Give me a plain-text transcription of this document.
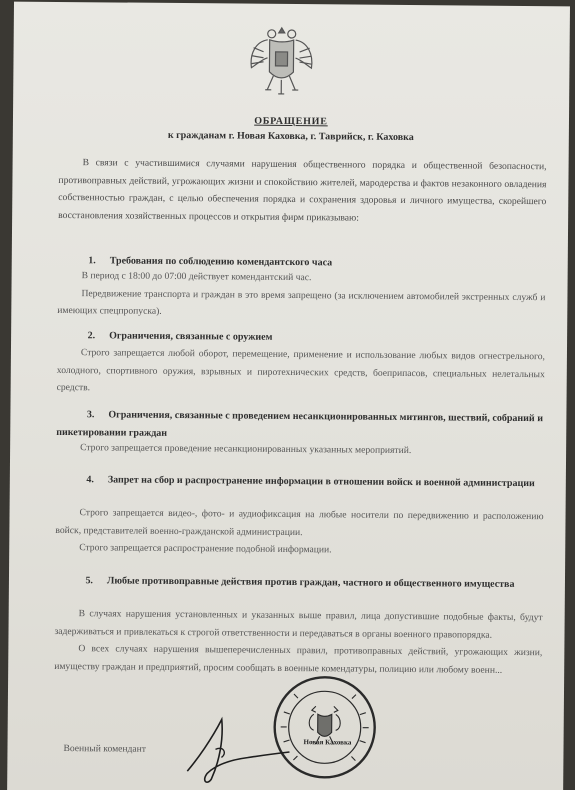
ОБРАЩЕНИЕ
к гражданам г. Новая Каховка, г. Таврийск, г. Каховка
В связи с участившимися случаями нарушения общественного порядка и общественной безопасности, противоправных действий, угрожающих жизни и спокойствию жителей, мародерства и фактов незаконного овладения собственностью граждан, с целью обеспечения порядка и сохранения здоровья и личного имущества, скорейшего восстановления хозяйственных процессов и открытия фирм приказываю:
1. Требования по соблюдению комендантского часа

В период с 18:00 до 07:00 действует комендантский час.

Передвижение транспорта и граждан в это время запрещено (за исключением автомобилей экстренных служб и имеющих спецпропуска).

2. Ограничения, связанные с оружием

Строго запрещается любой оборот, перемещение, применение и использование любых видов огнестрельного, холодного, спортивного оружия, взрывных и пиротехнических средств, боеприпасов, специальных нелетальных средств.

3. Ограничения, связанные с проведением несанкционированных митингов, шествий, собраний и пикетировании граждан

Строго запрещается проведение несанкционированных указанных мероприятий.

4. Запрет на сбор и распространение информации в отношении войск и военной администрации

Строго запрещается видео-, фото- и аудиофиксация на любые носители по передвижению и расположению войск, представителей военно-гражданской администрации.

Строго запрещается распространение подобной информации.

5. Любые противоправные действия против граждан, частного и общественного имущества

В случаях нарушения установленных и указанных выше правил, лица допустившие подобные факты, будут задерживаться и привлекаться к строгой ответственности и передаваться в органы военного правопорядка.

О всех случаях нарушения вышеперечисленных правил, противоправных действий, угрожающих жизни, имуществу граждан и предприятий, просим сообщать в военные комендатуры, полицию или любому военн...

Военный комендант
Новая Каховка
